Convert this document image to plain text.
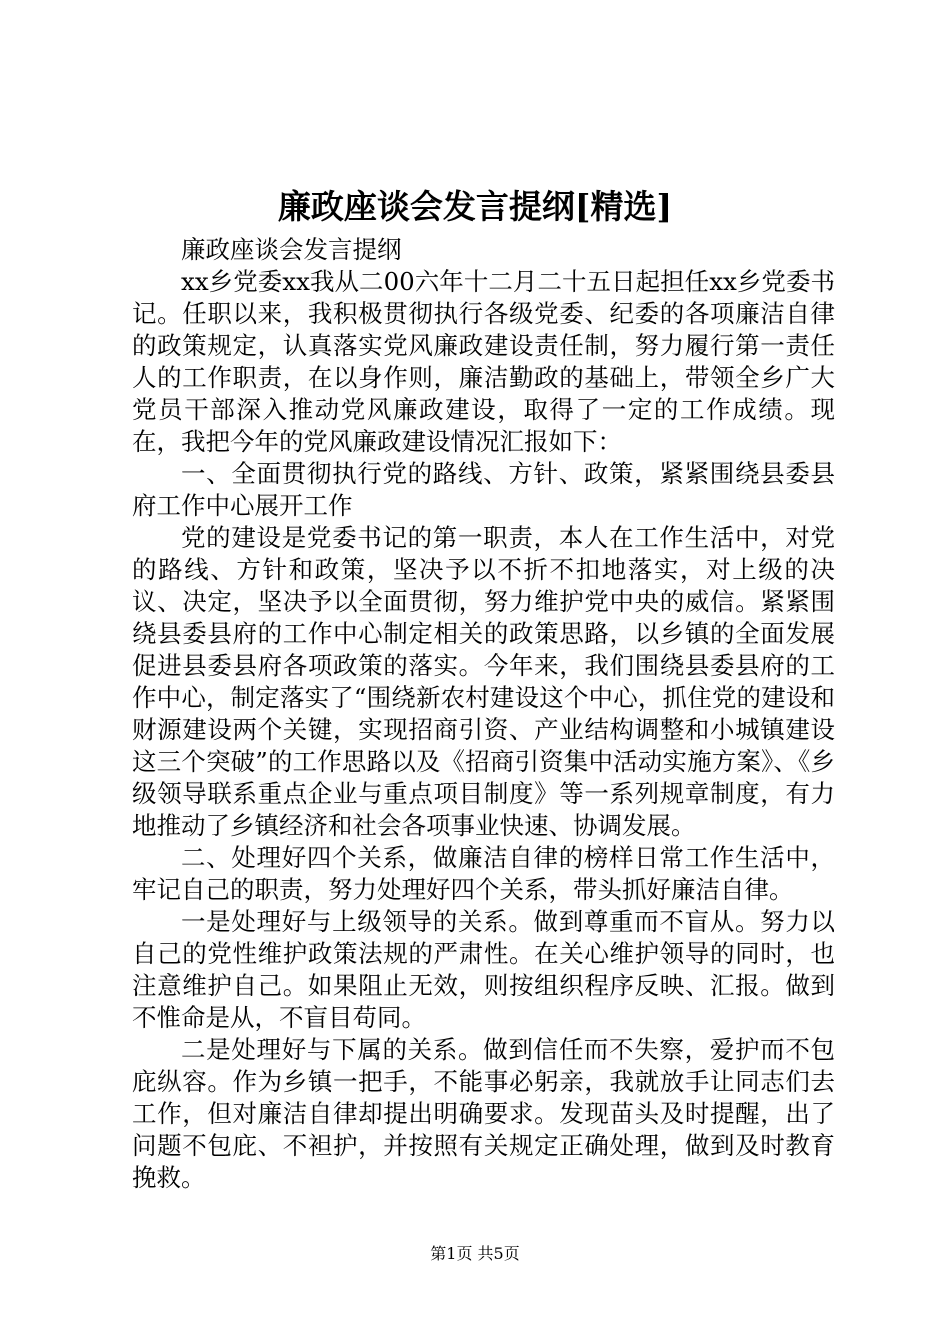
廉政座谈会发言提纲[精选]

廉政座谈会发言提纲

xx乡党委xx我从二00六年十二月二十五日起担任xx乡党委书记。任职以来，我积极贯彻执行各级党委、纪委的各项廉洁自律的政策规定，认真落实党风廉政建设责任制，努力履行第一责任人的工作职责，在以身作则，廉洁勤政的基础上，带领全乡广大党员干部深入推动党风廉政建设，取得了一定的工作成绩。现在，我把今年的党风廉政建设情况汇报如下：

一、全面贯彻执行党的路线、方针、政策，紧紧围绕县委县府工作中心展开工作

党的建设是党委书记的第一职责，本人在工作生活中，对党的路线、方针和政策，坚决予以不折不扣地落实，对上级的决议、决定，坚决予以全面贯彻，努力维护党中央的威信。紧紧围绕县委县府的工作中心制定相关的政策思路，以乡镇的全面发展促进县委县府各项政策的落实。今年来，我们围绕县委县府的工作中心，制定落实了“围绕新农村建设这个中心，抓住党的建设和财源建设两个关键，实现招商引资、产业结构调整和小城镇建设这三个突破”的工作思路以及《招商引资集中活动实施方案》、《乡级领导联系重点企业与重点项目制度》等一系列规章制度，有力地推动了乡镇经济和社会各项事业快速、协调发展。

二、处理好四个关系，做廉洁自律的榜样日常工作生活中，牢记自己的职责，努力处理好四个关系，带头抓好廉洁自律。

一是处理好与上级领导的关系。做到尊重而不盲从。努力以自己的党性维护政策法规的严肃性。在关心维护领导的同时，也注意维护自己。如果阻止无效，则按组织程序反映、汇报。做到不惟命是从，不盲目苟同。

二是处理好与下属的关系。做到信任而不失察，爱护而不包庇纵容。作为乡镇一把手，不能事必躬亲，我就放手让同志们去工作，但对廉洁自律却提出明确要求。发现苗头及时提醒，出了问题不包庇、不袒护，并按照有关规定正确处理，做到及时教育挽救。

第1页 共5页
